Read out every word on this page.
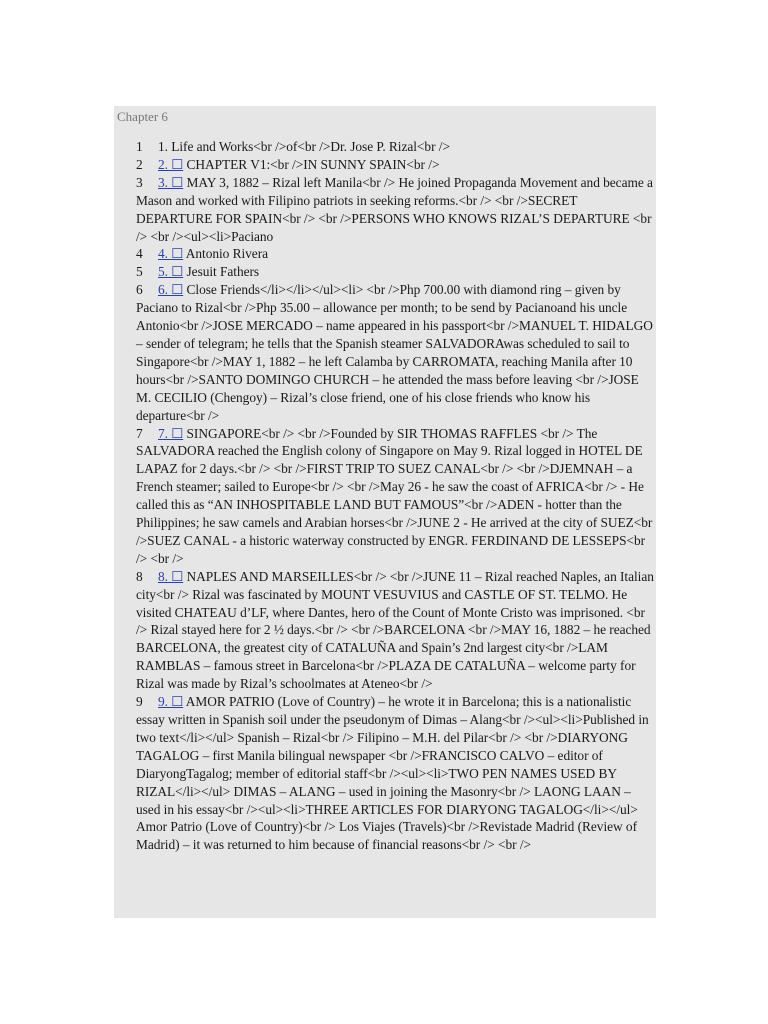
Chapter 6

1 1. Life and Works<br />of<br />Dr. Jose P. Rizal<br />

2 2. ☐ CHAPTER V1:<br />IN SUNNY SPAIN<br />

3 3. ☐ MAY 3, 1882 – Rizal left Manila<br /> He joined Propaganda Movement and became a Mason and worked with Filipino patriots in seeking reforms.<br /> <br />SECRET DEPARTURE FOR SPAIN<br /> <br />PERSONS WHO KNOWS RIZAL’S DEPARTURE <br /> <br /><ul><li>Paciano

4 4. ☐ Antonio Rivera

5 5. ☐ Jesuit Fathers

6 6. ☐ Close Friends</li></li></ul><li> <br />Php 700.00 with diamond ring – given by Paciano to Rizal<br />Php 35.00 – allowance per month; to be send by Pacianoand his uncle Antonio<br />JOSE MERCADO – name appeared in his passport<br />MANUEL T. HIDALGO – sender of telegram; he tells that the Spanish steamer SALVADORAwas scheduled to sail to Singapore<br />MAY 1, 1882 – he left Calamba by CARROMATA, reaching Manila after 10 hours<br />SANTO DOMINGO CHURCH – he attended the mass before leaving <br />JOSE M. CECILIO (Chengoy) – Rizal’s close friend, one of his close friends who know his departure<br />

7 7. ☐ SINGAPORE<br /> <br />Founded by SIR THOMAS RAFFLES <br /> The SALVADORA reached the English colony of Singapore on May 9. Rizal logged in HOTEL DE LAPAZ for 2 days.<br /> <br />FIRST TRIP TO SUEZ CANAL<br /> <br />DJEMNAH – a French steamer; sailed to Europe<br /> <br />May 26 - he saw the coast of AFRICA<br /> - He called this as “AN INHOSPITABLE LAND BUT FAMOUS”<br />ADEN - hotter than the Philippines; he saw camels and Arabian horses<br />JUNE 2 - He arrived at the city of SUEZ<br />SUEZ CANAL - a historic waterway constructed by ENGR. FERDINAND DE LESSEPS<br /> <br />

8 8. ☐ NAPLES AND MARSEILLES<br /> <br />JUNE 11 – Rizal reached Naples, an Italian city<br /> Rizal was fascinated by MOUNT VESUVIUS and CASTLE OF ST. TELMO. He visited CHATEAU d’LF, where Dantes, hero of the Count of Monte Cristo was imprisoned. <br /> Rizal stayed here for 2 ½ days.<br /> <br />BARCELONA <br />MAY 16, 1882 – he reached BARCELONA, the greatest city of CATALUÑA and Spain’s 2nd largest city<br />LAM RAMBLAS – famous street in Barcelona<br />PLAZA DE CATALUÑA – welcome party for Rizal was made by Rizal’s schoolmates at Ateneo<br />

9 9. ☐ AMOR PATRIO (Love of Country) – he wrote it in Barcelona; this is a nationalistic essay written in Spanish soil under the pseudonym of Dimas – Alang<br /><ul><li>Published in two text</li></ul> Spanish – Rizal<br /> Filipino – M.H. del Pilar<br /> <br />DIARYONG TAGALOG – first Manila bilingual newspaper <br />FRANCISCO CALVO – editor of DiaryongTagalog; member of editorial staff<br /><ul><li>TWO PEN NAMES USED BY RIZAL</li></ul> DIMAS – ALANG – used in joining the Masonry<br /> LAONG LAAN – used in his essay<br /><ul><li>THREE ARTICLES FOR DIARYONG TAGALOG</li></ul> Amor Patrio (Love of Country)<br /> Los Viajes (Travels)<br />Revistade Madrid (Review of Madrid) – it was returned to him because of financial reasons<br /> <br />
